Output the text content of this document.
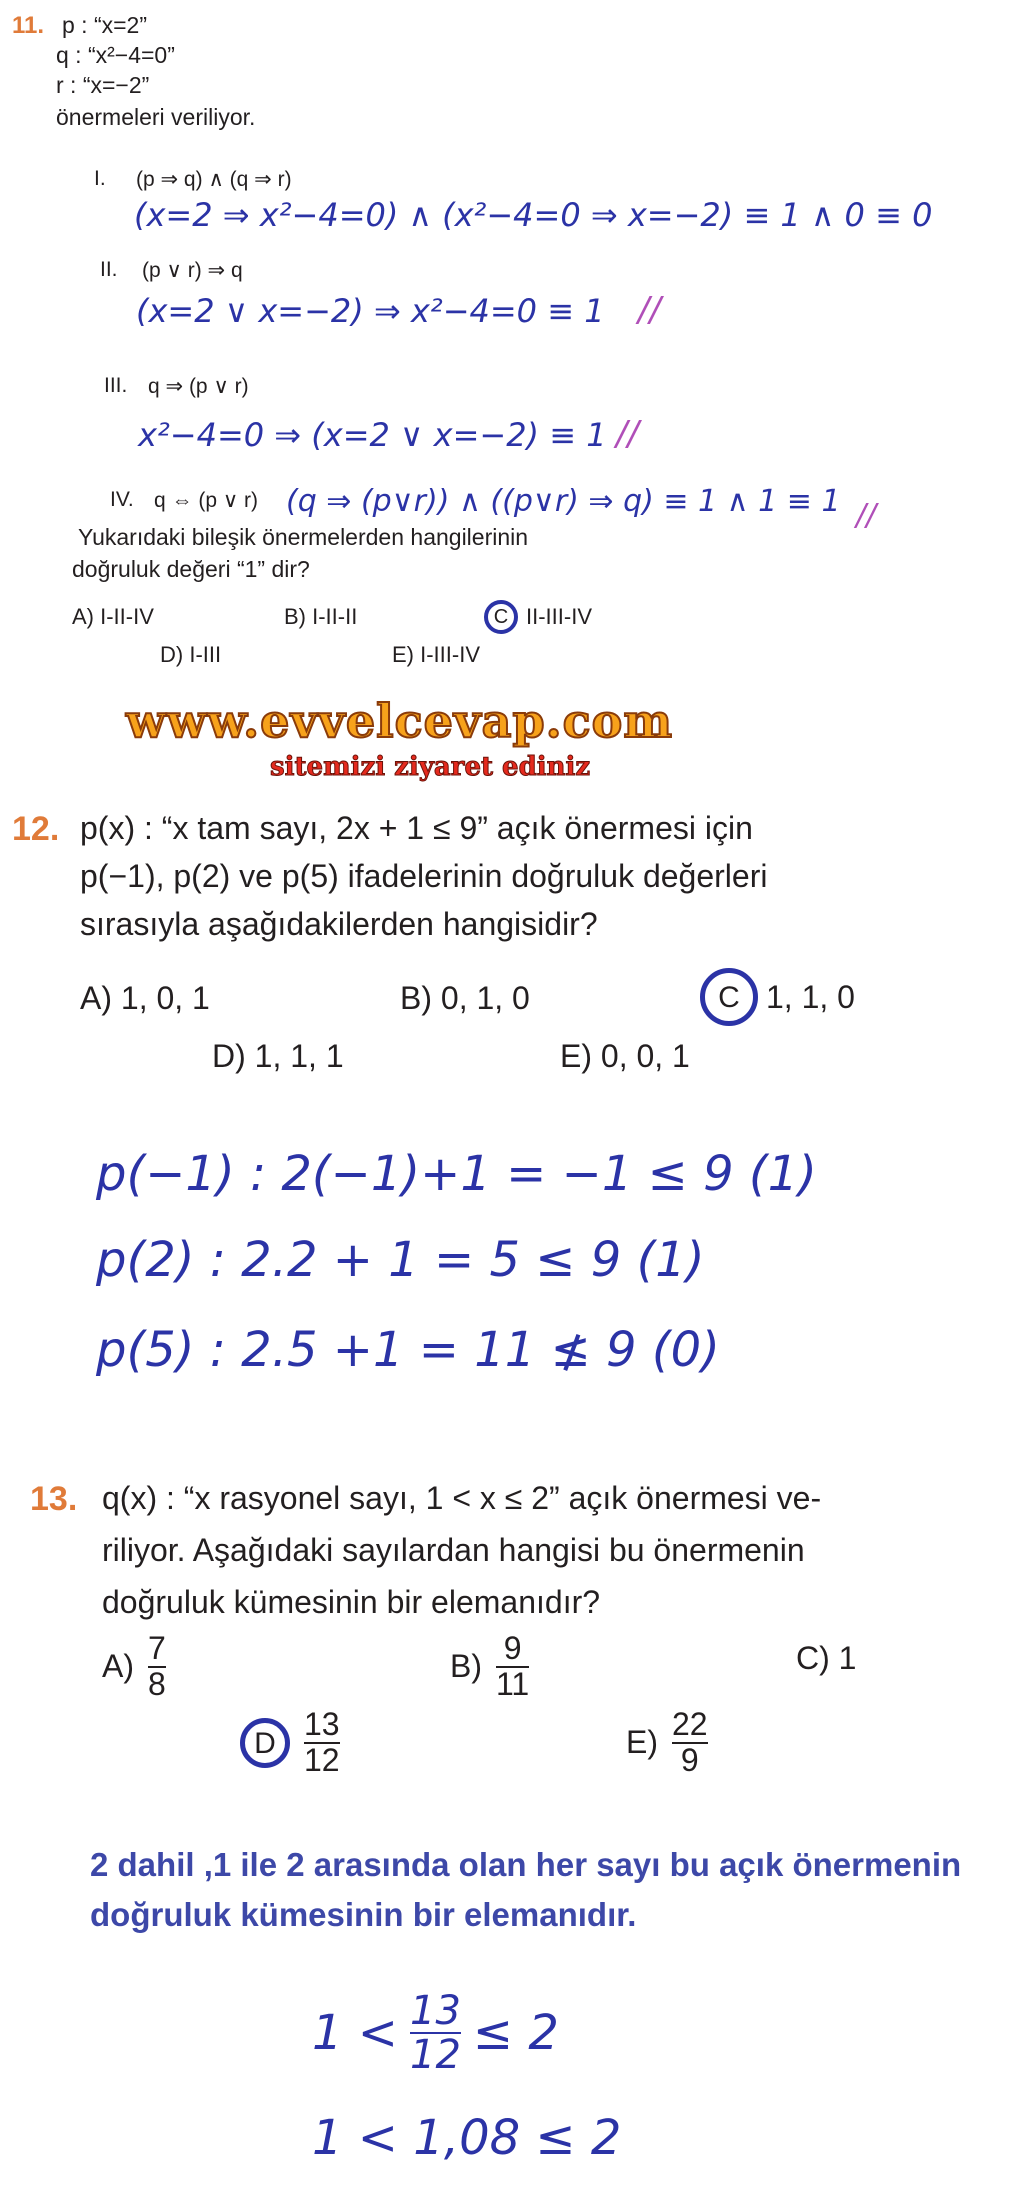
11. p : “x=2”
q : “x²−4=0”
r : “x=−2”
önermeleri veriliyor.
I. (p ⇒ q) ∧ (q ⇒ r)
(x=2 ⇒ x²−4=0) ∧ (x²−4=0 ⇒ x=−2) ≡ 1 ∧ 0 ≡ 0
II. (p ∨ r) ⇒ q
(x=2 ∨ x=−2) ⇒ x²−4=0 ≡ 1 //
III. q ⇒ (p ∨ r)
x²−4=0 ⇒ (x=2 ∨ x=−2) ≡ 1 //
IV. q ⇔ (p ∨ r) (q ⇒ (p∨r)) ∧ ((p∨r) ⇒ q) ≡ 1 ∧ 1 ≡ 1 //
Yukarıdaki bileşik önermelerden hangilerinin
doğruluk değeri “1” dir?
A) I-II-IV	B) I-II-II	C II-III-IV
D) I-III	E) I-III-IV
www.evvelcevap.com
sitemizi ziyaret ediniz
12. p(x) : “x tam sayı, 2x + 1 ≤ 9” açık önermesi için
p(−1), p(2) ve p(5) ifadelerinin doğruluk değerleri
sırasıyla aşağıdakilerden hangisidir?
A) 1, 0, 1	B) 0, 1, 0	C 1, 1, 0
D) 1, 1, 1	E) 0, 0, 1
p(−1) : 2(−1)+1 = −1 ≤ 9 (1)
p(2) : 2.2 + 1 = 5 ≤ 9 (1)
p(5) : 2.5 +1 = 11 ≰ 9 (0)
13. q(x) : “x rasyonel sayı, 1 < x ≤ 2” açık önermesi ve-
riliyor. Aşağıdaki sayılardan hangisi bu önermenin
doğruluk kümesinin bir elemanıdır?
$A) \frac{7}{8}$	$B) \frac{9}{11}$	C) 1
D $\frac{13}{12}$	$E) \frac{22}{9}$
2 dahil ,1 ile 2 arasında olan her sayı bu açık önermenin
doğruluk kümesinin bir elemanıdır.
$1 < \frac{13}{12} \le 2$
1 < 1,08 ≤ 2
